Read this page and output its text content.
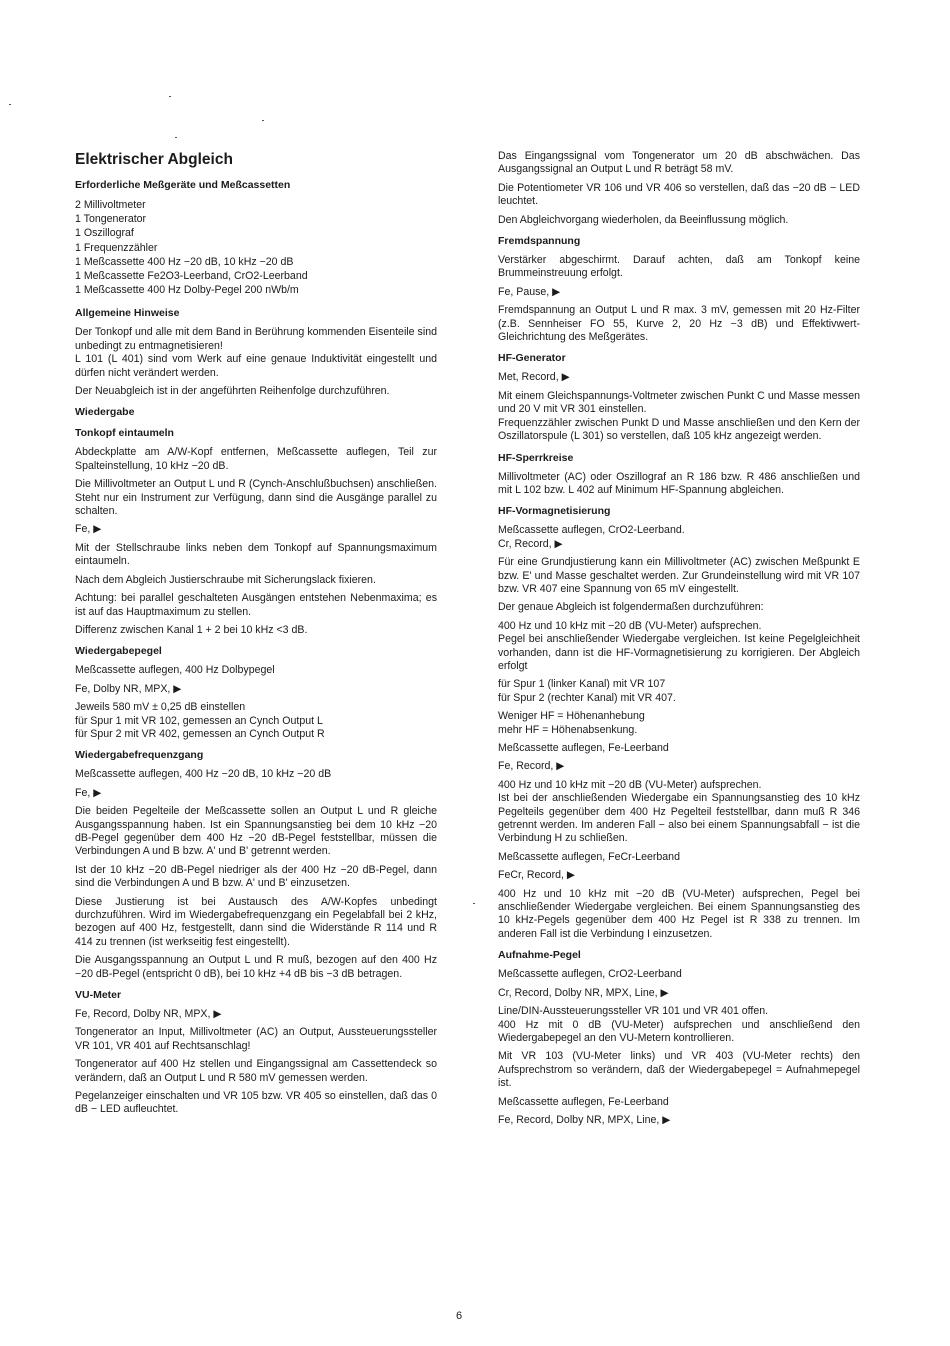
Elektrischer Abgleich
Erforderliche Meßgeräte und Meßcassetten
2 Millivoltmeter
1 Tongenerator
1 Oszillograf
1 Frequenzzähler
1 Meßcassette 400 Hz −20 dB, 10 kHz −20 dB
1 Meßcassette Fe2O3-Leerband, CrO2-Leerband
1 Meßcassette 400 Hz Dolby-Pegel 200 nWb/m
Allgemeine Hinweise
Der Tonkopf und alle mit dem Band in Berührung kommenden Eisenteile sind unbedingt zu entmagnetisieren!
L 101 (L 401) sind vom Werk auf eine genaue Induktivität eingestellt und dürfen nicht verändert werden.
Der Neuabgleich ist in der angeführten Reihenfolge durchzuführen.
Wiedergabe
Tonkopf eintaumeln
Abdeckplatte am A/W-Kopf entfernen, Meßcassette auflegen, Teil zur Spalteinstellung, 10 kHz −20 dB.
Die Millivoltmeter an Output L und R (Cynch-Anschlußbuchsen) anschließen. Steht nur ein Instrument zur Verfügung, dann sind die Ausgänge parallel zu schalten.
Fe, ▶
Mit der Stellschraube links neben dem Tonkopf auf Spannungsmaximum eintaumeln.
Nach dem Abgleich Justierschraube mit Sicherungslack fixieren.
Achtung: bei parallel geschalteten Ausgängen entstehen Nebenmaxima; es ist auf das Hauptmaximum zu stellen.
Differenz zwischen Kanal 1 + 2 bei 10 kHz <3 dB.
Wiedergabepegel
Meßcassette auflegen, 400 Hz Dolbypegel
Fe, Dolby NR, MPX, ▶
Jeweils 580 mV ± 0,25 dB einstellen
für Spur 1 mit VR 102, gemessen an Cynch Output L
für Spur 2 mit VR 402, gemessen an Cynch Output R
Wiedergabefrequenzgang
Meßcassette auflegen, 400 Hz −20 dB, 10 kHz −20 dB
Fe, ▶
Die beiden Pegelteile der Meßcassette sollen an Output L und R gleiche Ausgangsspannung haben. Ist ein Spannungsanstieg bei dem 10 kHz −20 dB-Pegel gegenüber dem 400 Hz −20 dB-Pegel feststellbar, müssen die Verbindungen A und B bzw. A' und B' getrennt werden.
Ist der 10 kHz −20 dB-Pegel niedriger als der 400 Hz −20 dB-Pegel, dann sind die Verbindungen A und B bzw. A' und B' einzusetzen.
Diese Justierung ist bei Austausch des A/W-Kopfes unbedingt durchzuführen. Wird im Wiedergabefrequenzgang ein Pegelabfall bei 2 kHz, bezogen auf 400 Hz, festgestellt, dann sind die Widerstände R 114 und R 414 zu trennen (ist werkseitig fest eingestellt).
Die Ausgangsspannung an Output L und R muß, bezogen auf den 400 Hz −20 dB-Pegel (entspricht 0 dB), bei 10 kHz +4 dB bis −3 dB betragen.
VU-Meter
Fe, Record, Dolby NR, MPX, ▶
Tongenerator an Input, Millivoltmeter (AC) an Output, Aussteuerungssteller VR 101, VR 401 auf Rechtsanschlag!
Tongenerator auf 400 Hz stellen und Eingangssignal am Cassettendeck so verändern, daß an Output L und R 580 mV gemessen werden.
Pegelanzeiger einschalten und VR 105 bzw. VR 405 so einstellen, daß das 0 dB − LED aufleuchtet.
Das Eingangssignal vom Tongenerator um 20 dB abschwächen. Das Ausgangssignal an Output L und R beträgt 58 mV.
Die Potentiometer VR 106 und VR 406 so verstellen, daß das −20 dB − LED leuchtet.
Den Abgleichvorgang wiederholen, da Beeinflussung möglich.
Fremdspannung
Verstärker abgeschirmt. Darauf achten, daß am Tonkopf keine Brummeinstreuung erfolgt.
Fe, Pause, ▶
Fremdspannung an Output L und R max. 3 mV, gemessen mit 20 Hz-Filter (z.B. Sennheiser FO 55, Kurve 2, 20 Hz −3 dB) und Effektivwert-Gleichrichtung des Meßgerätes.
HF-Generator
Met, Record, ▶
Mit einem Gleichspannungs-Voltmeter zwischen Punkt C und Masse messen und 20 V mit VR 301 einstellen.
Frequenzzähler zwischen Punkt D und Masse anschließen und den Kern der Oszillatorspule (L 301) so verstellen, daß 105 kHz angezeigt werden.
HF-Sperrkreise
Millivoltmeter (AC) oder Oszillograf an R 186 bzw. R 486 anschließen und mit L 102 bzw. L 402 auf Minimum HF-Spannung abgleichen.
HF-Vormagnetisierung
Meßcassette auflegen, CrO2-Leerband.
Cr, Record, ▶
Für eine Grundjustierung kann ein Millivoltmeter (AC) zwischen Meßpunkt E bzw. E' und Masse geschaltet werden. Zur Grundeinstellung wird mit VR 107 bzw. VR 407 eine Spannung von 65 mV eingestellt.
Der genaue Abgleich ist folgendermaßen durchzuführen:
400 Hz und 10 kHz mit −20 dB (VU-Meter) aufsprechen.
Pegel bei anschließender Wiedergabe vergleichen. Ist keine Pegelgleichheit vorhanden, dann ist die HF-Vormagnetisierung zu korrigieren. Der Abgleich erfolgt
für Spur 1 (linker Kanal) mit VR 107
für Spur 2 (rechter Kanal) mit VR 407.
Weniger HF = Höhenanhebung
mehr HF = Höhenabsenkung.
Meßcassette auflegen, Fe-Leerband
Fe, Record, ▶
400 Hz und 10 kHz mit −20 dB (VU-Meter) aufsprechen.
Ist bei der anschließenden Wiedergabe ein Spannungsanstieg des 10 kHz Pegelteils gegenüber dem 400 Hz Pegelteil feststellbar, dann muß R 346 getrennt werden. Im anderen Fall − also bei einem Spannungsabfall − ist die Verbindung H zu schließen.
Meßcassette auflegen, FeCr-Leerband
FeCr, Record, ▶
400 Hz und 10 kHz mit −20 dB (VU-Meter) aufsprechen, Pegel bei anschließender Wiedergabe vergleichen. Bei einem Spannungsanstieg des 10 kHz-Pegels gegenüber dem 400 Hz Pegel ist R 338 zu trennen. Im anderen Fall ist die Verbindung I einzusetzen.
Aufnahme-Pegel
Meßcassette auflegen, CrO2-Leerband
Cr, Record, Dolby NR, MPX, Line, ▶
Line/DIN-Aussteuerungssteller VR 101 und VR 401 offen.
400 Hz mit 0 dB (VU-Meter) aufsprechen und anschließend den Wiedergabepegel an den VU-Metern kontrollieren.
Mit VR 103 (VU-Meter links) und VR 403 (VU-Meter rechts) den Aufsprechstrom so verändern, daß der Wiedergabepegel = Aufnahmepegel ist.
Meßcassette auflegen, Fe-Leerband
Fe, Record, Dolby NR, MPX, Line, ▶
6
